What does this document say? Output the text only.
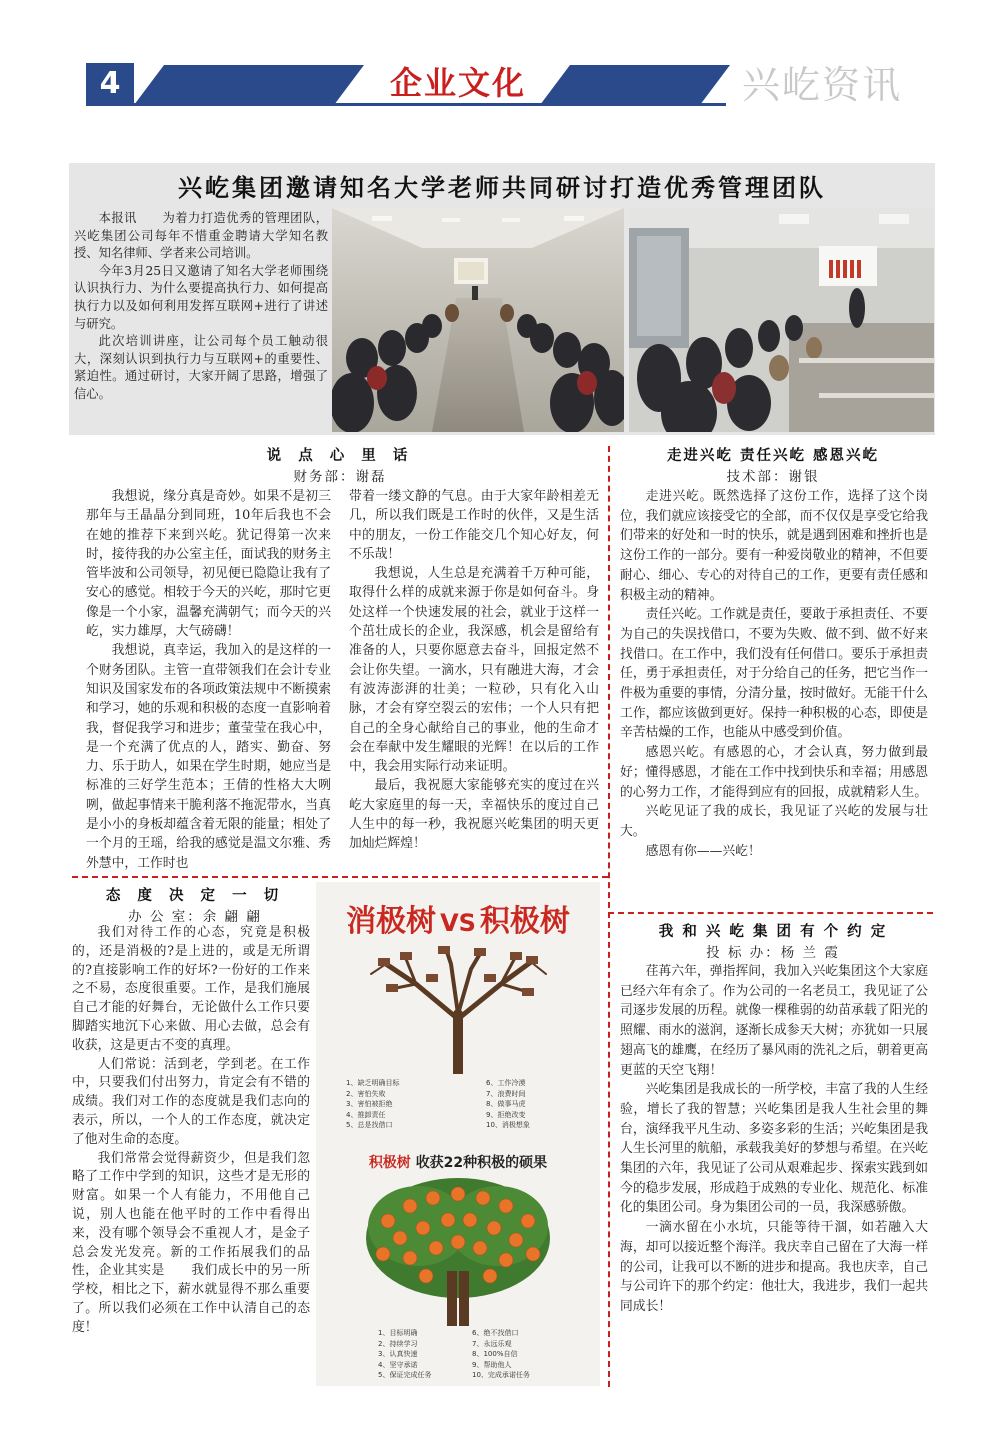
4	企业文化	兴屹资讯
兴屹集团邀请知名大学老师共同研讨打造优秀管理团队

本报讯　　为着力打造优秀的管理团队，兴屹集团公司每年不惜重金聘请大学知名教授、知名律师、学者来公司培训。

今年3月25日又邀请了知名大学老师围绕认识执行力、为什么要提高执行力、如何提高执行力以及如何利用发挥互联网+进行了讲述与研究。

此次培训讲座，让公司每个员工触动很大，深刻认识到执行力与互联网+的重要性、紧迫性。通过研讨，大家开阔了思路，增强了信心。

说 点 心 里 话
财务部：谢磊

我想说，缘分真是奇妙。如果不是初三那年与王晶晶分到同班，10年后我也不会在她的推荐下来到兴屹。犹记得第一次来时，接待我的办公室主任，面试我的财务主管毕波和公司领导，初见便已隐隐让我有了安心的感觉。相较于今天的兴屹，那时它更像是一个小家，温馨充满朝气；而今天的兴屹，实力雄厚，大气磅礴！

我想说，真幸运，我加入的是这样的一个财务团队。主管一直带领我们在会计专业知识及国家发布的各项政策法规中不断摸索和学习，她的乐观和积极的态度一直影响着我，督促我学习和进步；董莹莹在我心中，是一个充满了优点的人，踏实、勤奋、努力、乐于助人，如果在学生时期，她应当是标准的三好学生范本；王倩的性格大大咧咧，做起事情来干脆利落不拖泥带水，当真是小小的身板却蕴含着无限的能量；相处了一个月的王瑶，给我的感觉是温文尔雅、秀外慧中，工作时也

带着一缕文静的气息。由于大家年龄相差无几，所以我们既是工作时的伙伴，又是生活中的朋友，一份工作能交几个知心好友，何不乐哉！

我想说，人生总是充满着千万种可能，取得什么样的成就来源于你是如何奋斗。身处这样一个快速发展的社会，就业于这样一个茁壮成长的企业，我深感，机会是留给有准备的人，只要你愿意去奋斗，回报定然不会让你失望。一滴水，只有融进大海，才会有波涛澎湃的壮美；一粒砂，只有化入山脉，才会有穿空裂云的宏伟；一个人只有把自己的全身心献给自己的事业，他的生命才会在奉献中发生耀眼的光辉！在以后的工作中，我会用实际行动来证明。

最后，我祝愿大家能够充实的度过在兴屹大家庭里的每一天，幸福快乐的度过自己人生中的每一秒，我祝愿兴屹集团的明天更加灿烂辉煌！

走进兴屹 责任兴屹 感恩兴屹
技术部：谢银

走进兴屹。既然选择了这份工作，选择了这个岗位，我们就应该接受它的全部，而不仅仅是享受它给我们带来的好处和一时的快乐，就是遇到困难和挫折也是这份工作的一部分。要有一种爱岗敬业的精神，不但要耐心、细心、专心的对待自己的工作，更要有责任感和积极主动的精神。

责任兴屹。工作就是责任，要敢于承担责任、不要为自己的失误找借口，不要为失败、做不到、做不好来找借口。在工作中，我们没有任何借口。要乐于承担责任，勇于承担责任，对于分给自己的任务，把它当作一件极为重要的事情，分清分量，按时做好。无能干什么工作，都应该做到更好。保持一种积极的心态，即使是辛苦枯燥的工作，也能从中感受到价值。

感恩兴屹。有感恩的心，才会认真，努力做到最好；懂得感恩，才能在工作中找到快乐和幸福；用感恩的心努力工作，才能得到应有的回报，成就精彩人生。

兴屹见证了我的成长，我见证了兴屹的发展与壮大。

感恩有你——兴屹！

态 度 决 定 一 切
办 公 室：余 翩 翩

我们对待工作的心态，究竟是积极的，还是消极的?是上进的，或是无所谓的?直接影响工作的好坏?一份好的工作来之不易，态度很重要。工作，是我们施展自己才能的好舞台，无论做什么工作只要脚踏实地沉下心来做、用心去做，总会有收获，这是更古不变的真理。

人们常说：活到老，学到老。在工作中，只要我们付出努力，肯定会有不错的成绩。我们对工作的态度就是我们志向的表示，所以，一个人的工作态度，就决定了他对生命的态度。

我们常常会觉得薪资少，但是我们忽略了工作中学到的知识，这些才是无形的财富。如果一个人有能力，不用他自己说，别人也能在他平时的工作中看得出来，没有哪个领导会不重视人才，是金子总会发光发亮。新的工作拓展我们的品性，企业其实是　　我们成长中的另一所学校，相比之下，薪水就显得不那么重要了。所以我们必须在工作中认清自己的态度！

消极树 VS 积极树
1、缺乏明确目标
2、害怕失败
3、害怕被拒绝
4、推卸责任
5、总是找借口
6、工作冷漠
7、浪费时间
8、做事马虎
9、拒绝改变
10、消极想象
积极树 收获22种积极的硕果
1、目标明确
2、持续学习
3、认真快速
4、坚守承诺
5、保证完成任务
6、绝不找借口
7、永远乐观
8、100%自信
9、帮助他人
10、完成承诺任务
我 和 兴 屹 集 团 有 个 约 定
投 标 办：杨 兰 霞

荏苒六年，弹指挥间，我加入兴屹集团这个大家庭已经六年有余了。作为公司的一名老员工，我见证了公司逐步发展的历程。就像一棵稚弱的幼苗承载了阳光的照耀、雨水的滋润，逐渐长成参天大树；亦犹如一只展翅高飞的雄鹰，在经历了暴风雨的洗礼之后，朝着更高更蓝的天空飞翔！

兴屹集团是我成长的一所学校，丰富了我的人生经验，增长了我的智慧；兴屹集团是我人生社会里的舞台，演绎我平凡生动、多姿多彩的生活；兴屹集团是我人生长河里的航船，承载我美好的梦想与希望。在兴屹集团的六年，我见证了公司从艰难起步、探索实践到如今的稳步发展，形成趋于成熟的专业化、规范化、标准化的集团公司。身为集团公司的一员，我深感骄傲。

一滴水留在小水坑，只能等待干涸，如若融入大海，却可以接近整个海洋。我庆幸自己留在了大海一样的公司，让我可以不断的进步和提高。我也庆幸，自己与公司许下的那个约定：他壮大，我进步，我们一起共同成长！
